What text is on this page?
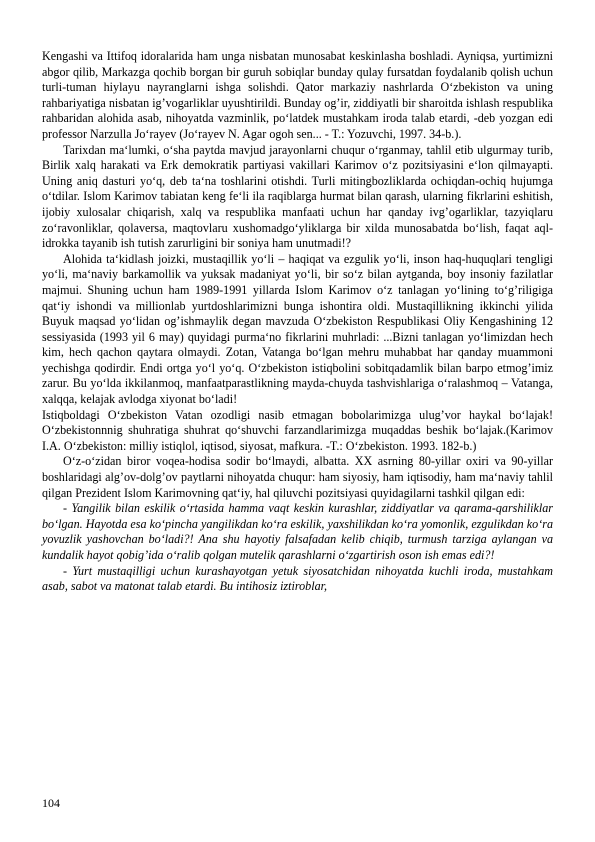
Kengashi va Ittifoq idoralarida ham unga nisbatan munosabat keskinlasha boshladi. Ayniqsa, yurtimizni abgor qilib, Markazga qochib borgan bir guruh sobiqlar bunday qulay fursatdan foydalanib qolish uchun turli-tuman hiylayu nayranglarni ishga solishdi. Qator markaziy nashrlarda O‘zbekiston va uning rahbariyatiga nisbatan ig’vogarliklar uyushtirildi. Bunday og’ir, ziddiyatli bir sharoitda ishlash respublika rahbaridan alohida asab, nihoyatda vazminlik, po‘latdek mustahkam iroda talab etardi, -deb yozgan edi professor Narzulla Jo‘rayev (Jo‘rayev N. Agar ogoh sen... - T.: Yozuvchi, 1997. 34-b.).

Tarixdan ma‘lumki, o‘sha paytda mavjud jarayonlarni chuqur o‘rganmay, tahlil etib ulgurmay turib, Birlik xalq harakati va Erk demokratik partiyasi vakillari Karimov o‘z pozitsiyasini e‘lon qilmayapti. Uning aniq dasturi yo‘q, deb ta‘na toshlarini otishdi. Turli mitingbozliklarda ochiqdan-ochiq hujumga o‘tdilar. Islom Karimov tabiatan keng fe‘li ila raqiblarga hurmat bilan qarash, ularning fikrlarini eshitish, ijobiy xulosalar chiqarish, xalq va respublika manfaati uchun har qanday ivg’ogarliklar, tazyiqlaru zo‘ravonliklar, qolaversa, maqtovlaru xushomadgo‘yliklarga bir xilda munosabatda bo‘lish, faqat aql-idrokka tayanib ish tutish zarurligini bir soniya ham unutmadi!?

Alohida ta‘kidlash joizki, mustaqillik yo‘li – haqiqat va ezgulik yo‘li, inson haq-huquqlari tengligi yo‘li, ma‘naviy barkamollik va yuksak madaniyat yo‘li, bir so‘z bilan aytganda, boy insoniy fazilatlar majmui. Shuning uchun ham 1989-1991 yillarda Islom Karimov o‘z tanlagan yo‘lining to‘g’riligiga qat‘iy ishondi va millionlab yurtdoshlarimizni bunga ishontira oldi. Mustaqillikning ikkinchi yilida Buyuk maqsad yo‘lidan og’ishmaylik degan mavzuda O‘zbekiston Respublikasi Oliy Kengashining 12 sessiyasida (1993 yil 6 may) quyidagi purma‘no fikrlarini muhrladi: ...Bizni tanlagan yo‘limizdan hech kim, hech qachon qaytara olmaydi. Zotan, Vatanga bo‘lgan mehru muhabbat har qanday muammoni yechishga qodirdir. Endi ortga yo‘l yo‘q. O‘zbekiston istiqbolini sobitqadamlik bilan barpo etmog’imiz zarur. Bu yo‘lda ikkilanmoq, manfaatparastlikning mayda-chuyda tashvishlariga o‘ralashmoq – Vatanga, xalqqa, kelajak avlodga xiyonat bo‘ladi!

Istiqboldagi O‘zbekiston Vatan ozodligi nasib etmagan bobolarimizga ulug’vor haykal bo‘lajak! O‘zbekistonnnig shuhratiga shuhrat qo‘shuvchi farzandlarimizga muqaddas beshik bo‘lajak.(Karimov I.A. O‘zbekiston: milliy istiqlol, iqtisod, siyosat, mafkura. -T.: O‘zbekiston. 1993. 182-b.)

O‘z-o‘zidan biror voqea-hodisa sodir bo‘lmaydi, albatta. XX asrning 80-yillar oxiri va 90-yillar boshlaridagi alg’ov-dolg’ov paytlarni nihoyatda chuqur: ham siyosiy, ham iqtisodiy, ham ma‘naviy tahlil qilgan Prezident Islom Karimovning qat‘iy, hal qiluvchi pozitsiyasi quyidagilarni tashkil qilgan edi:

- Yangilik bilan eskilik o‘rtasida hamma vaqt keskin kurashlar, ziddiyatlar va qarama-qarshiliklar bo‘lgan. Hayotda esa ko‘pincha yangilikdan ko‘ra eskilik, yaxshilikdan ko‘ra yomonlik, ezgulikdan ko‘ra yovuzlik yashovchan bo‘ladi?! Ana shu hayotiy falsafadan kelib chiqib, turmush tarziga aylangan va kundalik hayot qobig’ida o‘ralib qolgan mutelik qarashlarni o‘zgartirish oson ish emas edi?!

- Yurt mustaqilligi uchun kurashayotgan yetuk siyosatchidan nihoyatda kuchli iroda, mustahkam asab, sabot va matonat talab etardi. Bu intihosiz iztiroblar,

104
